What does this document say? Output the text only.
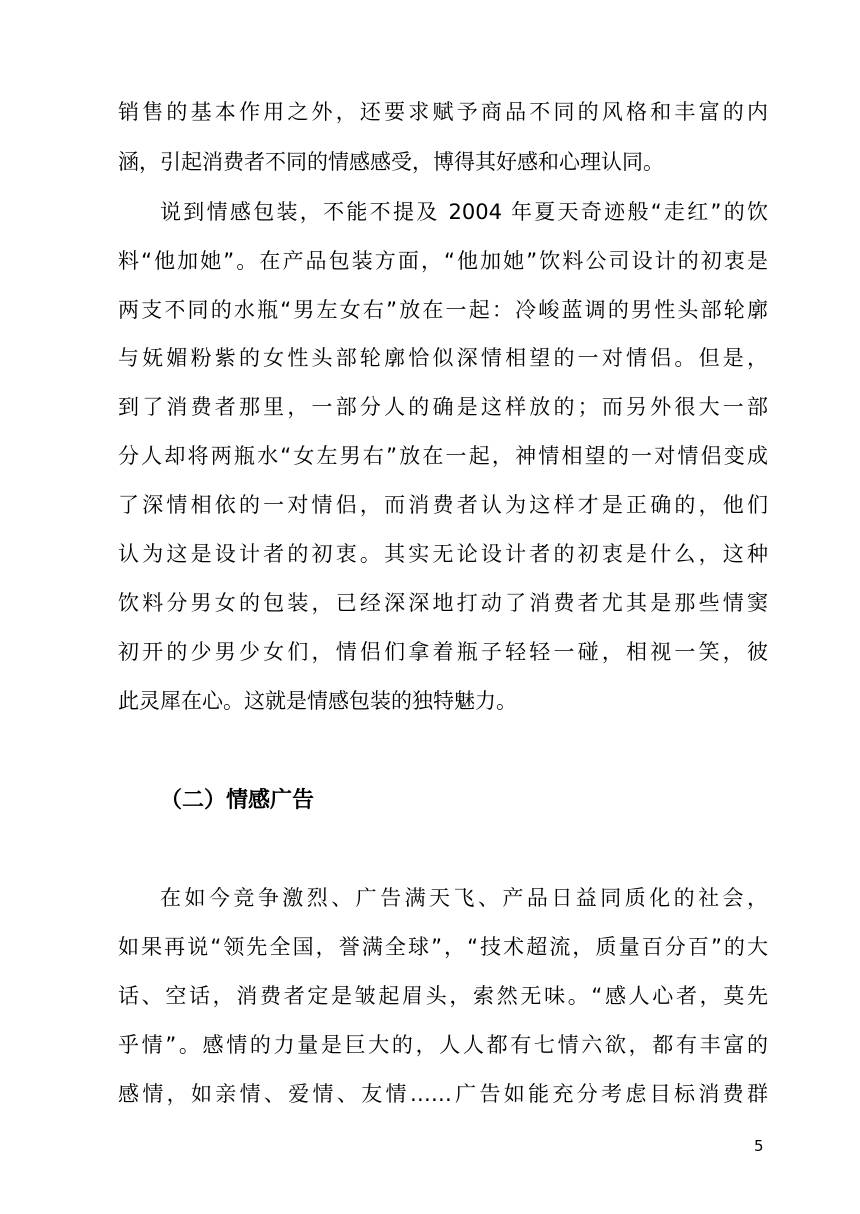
销售的基本作用之外，还要求赋予商品不同的风格和丰富的内
涵，引起消费者不同的情感感受，博得其好感和心理认同。
说到情感包装，不能不提及 2004 年夏天奇迹般“走红”的饮
料“他加她”。在产品包装方面，“他加她”饮料公司设计的初衷是
两支不同的水瓶“男左女右”放在一起：冷峻蓝调的男性头部轮廓
与妩媚粉紫的女性头部轮廓恰似深情相望的一对情侣。但是，
到了消费者那里，一部分人的确是这样放的；而另外很大一部
分人却将两瓶水“女左男右”放在一起，神情相望的一对情侣变成
了深情相依的一对情侣，而消费者认为这样才是正确的，他们
认为这是设计者的初衷。其实无论设计者的初衷是什么，这种
饮料分男女的包装，已经深深地打动了消费者尤其是那些情窦
初开的少男少女们，情侣们拿着瓶子轻轻一碰，相视一笑，彼
此灵犀在心。这就是情感包装的独特魅力。
（二）情感广告
在如今竞争激烈、广告满天飞、产品日益同质化的社会，
如果再说“领先全国，誉满全球”，“技术超流，质量百分百”的大
话、空话，消费者定是皱起眉头，索然无味。“感人心者，莫先
乎情”。感情的力量是巨大的，人人都有七情六欲，都有丰富的
感情，如亲情、爱情、友情……广告如能充分考虑目标消费群
5
